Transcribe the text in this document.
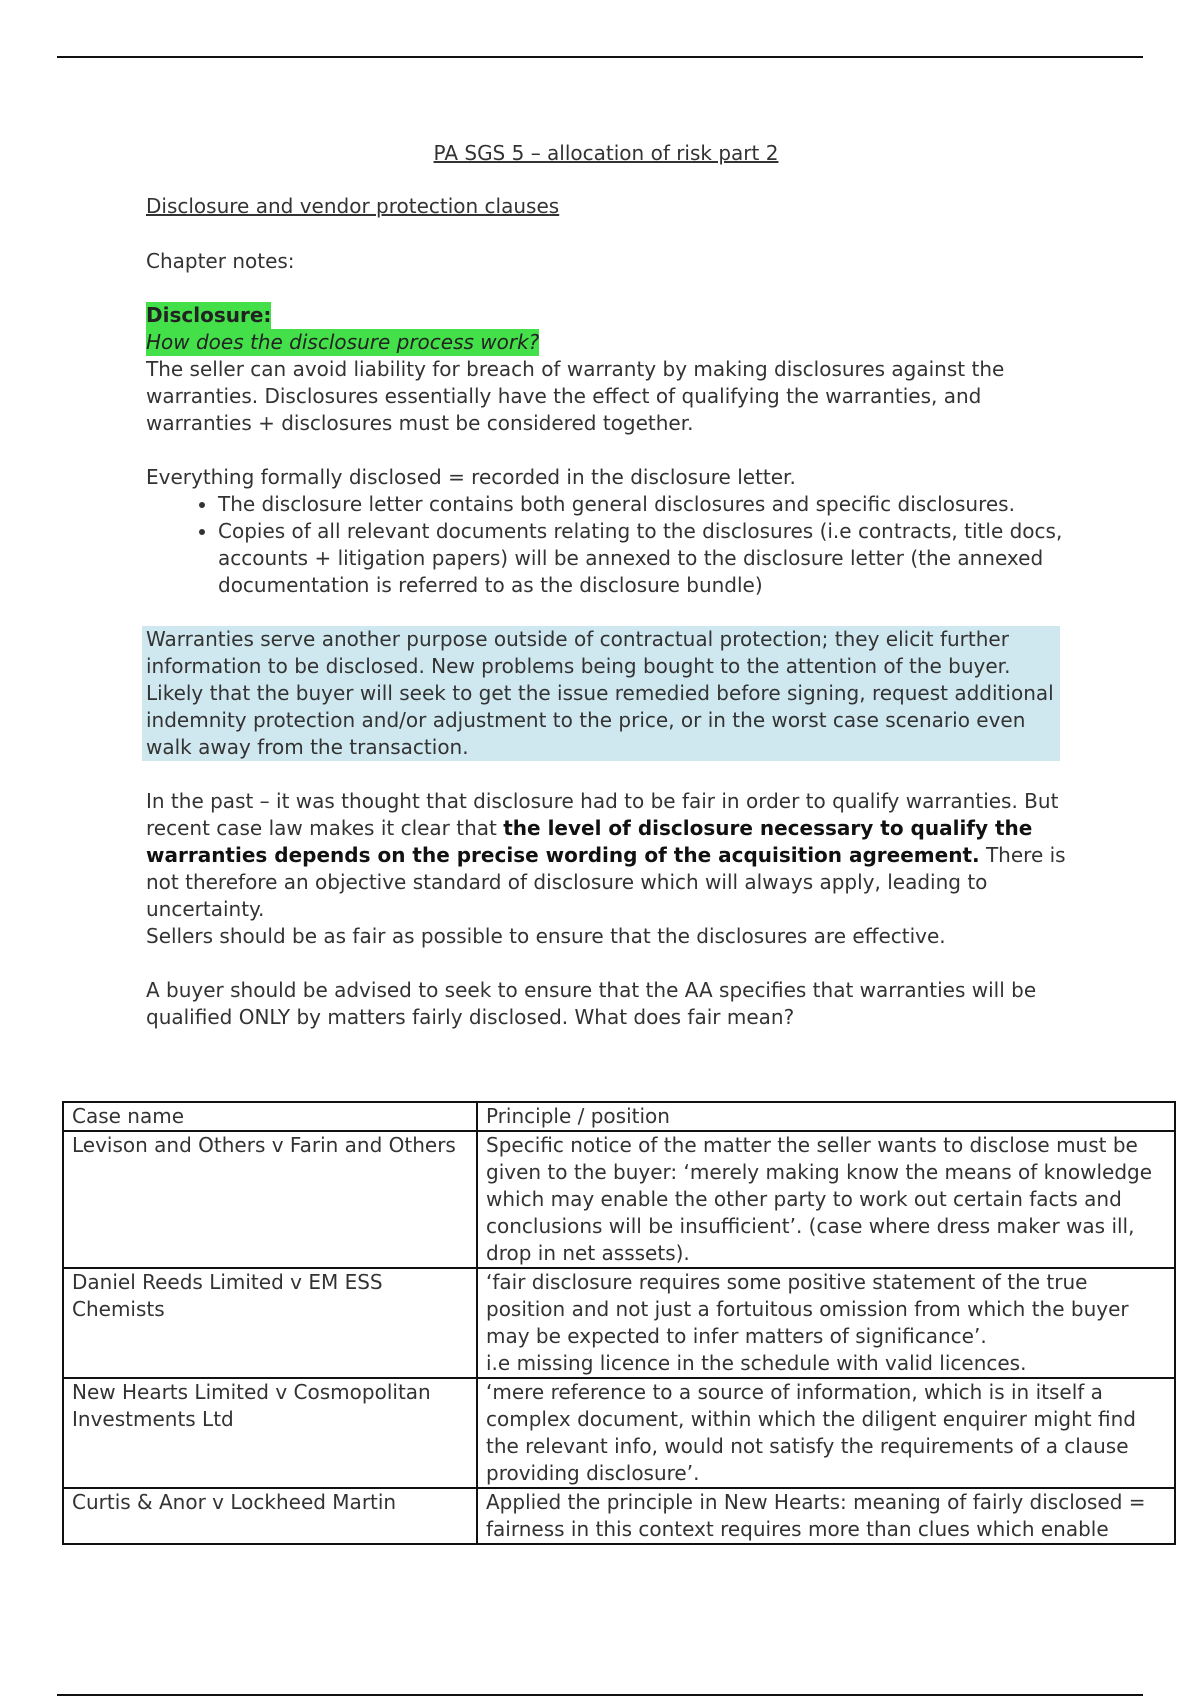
PA SGS 5 – allocation of risk part 2

Disclosure and vendor protection clauses

Chapter notes:

Disclosure:
How does the disclosure process work?

The seller can avoid liability for breach of warranty by making disclosures against the warranties. Disclosures essentially have the effect of qualifying the warranties, and warranties + disclosures must be considered together.

Everything formally disclosed = recorded in the disclosure letter.

• The disclosure letter contains both general disclosures and specific disclosures.
• Copies of all relevant documents relating to the disclosures (i.e contracts, title docs, accounts + litigation papers) will be annexed to the disclosure letter (the annexed documentation is referred to as the disclosure bundle)

Warranties serve another purpose outside of contractual protection; they elicit further information to be disclosed. New problems being bought to the attention of the buyer. Likely that the buyer will seek to get the issue remedied before signing, request additional indemnity protection and/or adjustment to the price, or in the worst case scenario even walk away from the transaction.

In the past – it was thought that disclosure had to be fair in order to qualify warranties. But recent case law makes it clear that the level of disclosure necessary to qualify the warranties depends on the precise wording of the acquisition agreement. There is not therefore an objective standard of disclosure which will always apply, leading to uncertainty.

Sellers should be as fair as possible to ensure that the disclosures are effective.

A buyer should be advised to seek to ensure that the AA specifies that warranties will be qualified ONLY by matters fairly disclosed. What does fair mean?

Case name	Principle / position
Levison and Others v Farin and Others	Specific notice of the matter the seller wants to disclose must be given to the buyer: ‘merely making know the means of knowledge which may enable the other party to work out certain facts and conclusions will be insufficient’. (case where dress maker was ill, drop in net asssets).
Daniel Reeds Limited v EM ESS Chemists	‘fair disclosure requires some positive statement of the true position and not just a fortuitous omission from which the buyer may be expected to infer matters of significance’.
i.e missing licence in the schedule with valid licences.
New Hearts Limited v Cosmopolitan Investments Ltd	‘mere reference to a source of information, which is in itself a complex document, within which the diligent enquirer might find the relevant info, would not satisfy the requirements of a clause providing disclosure’.
Curtis & Anor v Lockheed Martin	Applied the principle in New Hearts: meaning of fairly disclosed = fairness in this context requires more than clues which enable
